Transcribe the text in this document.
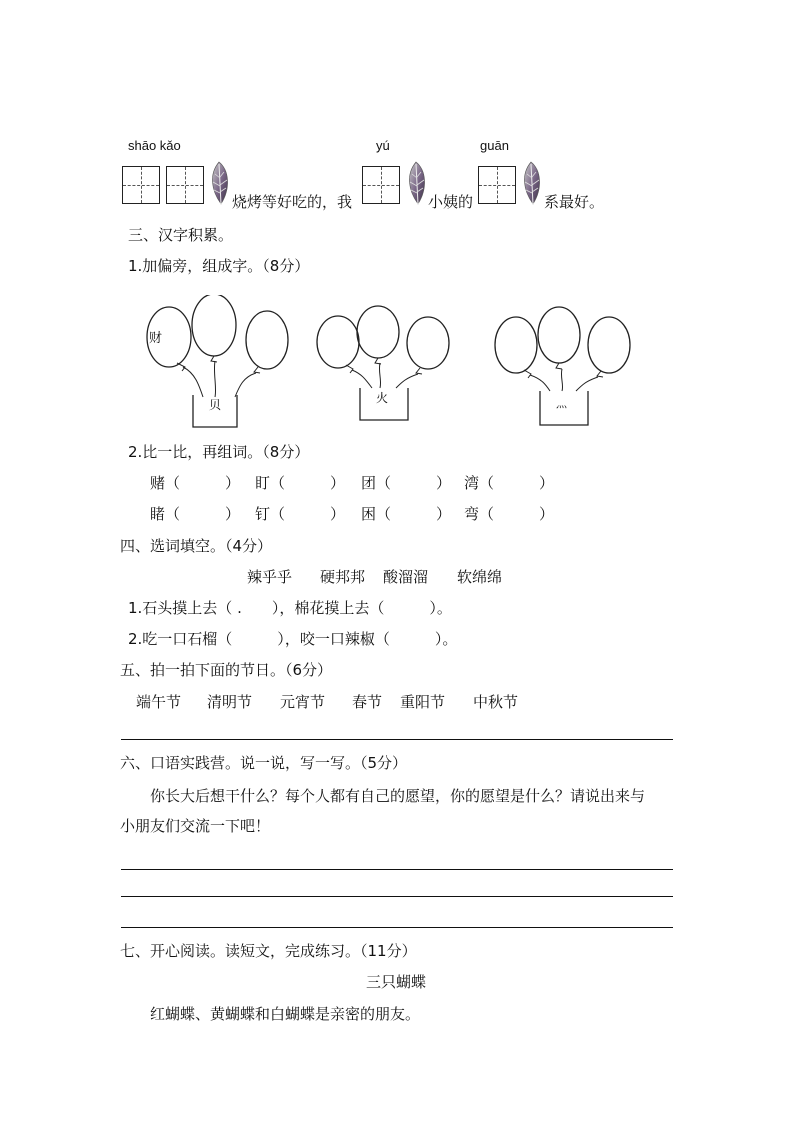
shāo kǎo	yú	guān
烧烤等好吃的，我	小姨的	系最好。
三、汉字积累。
1.加偏旁，组成字。（8分）
财
贝	火	灬
2.比一比，再组词。（8分）
赌（　　　） 盯（　　　） 团（　　　） 湾（　　　）
睹（　　　） 钉（　　　） 困（　　　） 弯（　　　）
四、选词填空。（4分）
辣乎乎 硬邦邦 酸溜溜 软绵绵
1.石头摸上去（ .　　），棉花摸上去（　　　）。
2.吃一口石榴（　　　），咬一口辣椒（　　　）。
五、拍一拍下面的节日。（6分）
端午节 清明节 元宵节 春节 重阳节 中秋节
六、口语实践营。说一说，写一写。（5分）
你长大后想干什么？每个人都有自己的愿望，你的愿望是什么？请说出来与
小朋友们交流一下吧！
七、开心阅读。读短文，完成练习。（11分）
三只蝴蝶
红蝴蝶、黄蝴蝶和白蝴蝶是亲密的朋友。
